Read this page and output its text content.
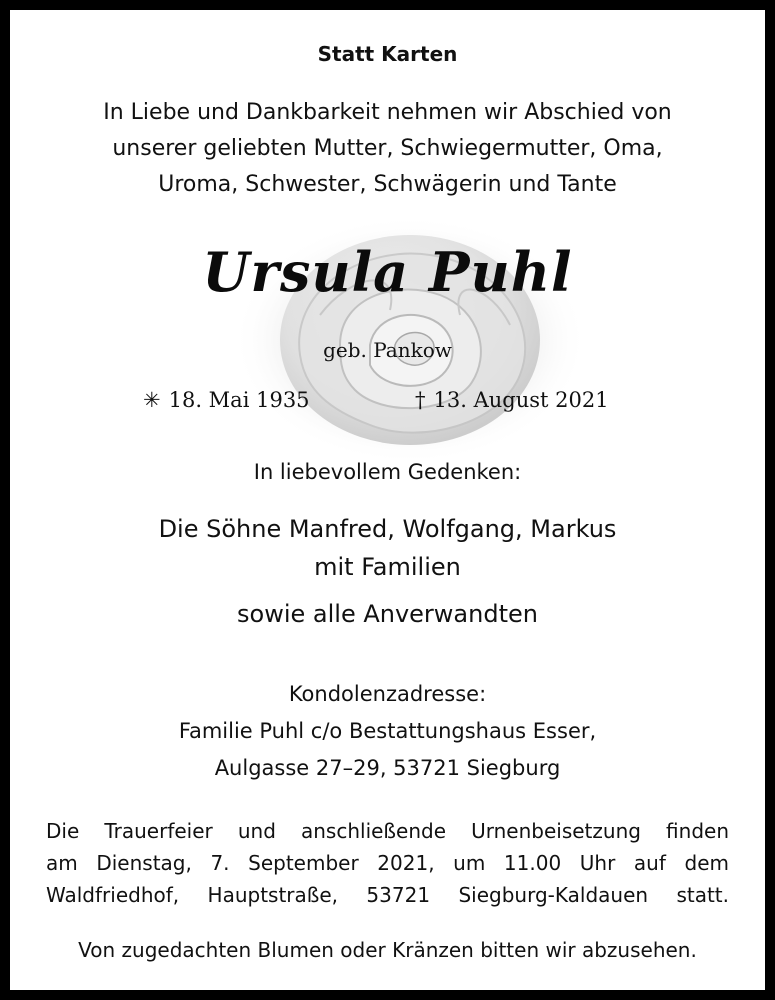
Statt Karten
In Liebe und Dankbarkeit nehmen wir Abschied von
unserer geliebten Mutter, Schwiegermutter, Oma,
Uroma, Schwester, Schwägerin und Tante
Ursula Puhl
geb. Pankow
✳ 18. Mai 1935	† 13. August 2021
In liebevollem Gedenken:
Die Söhne Manfred, Wolfgang, Markus
mit Familien
sowie alle Anverwandten
Kondolenzadresse:
Familie Puhl c/o Bestattungshaus Esser,
Aulgasse 27–29, 53721 Siegburg
Die Trauerfeier und anschließende Urnenbeisetzung finden
am Dienstag, 7. September 2021, um 11.00 Uhr auf dem
Waldfriedhof, Hauptstraße, 53721 Siegburg-Kaldauen statt.
Von zugedachten Blumen oder Kränzen bitten wir abzusehen.
